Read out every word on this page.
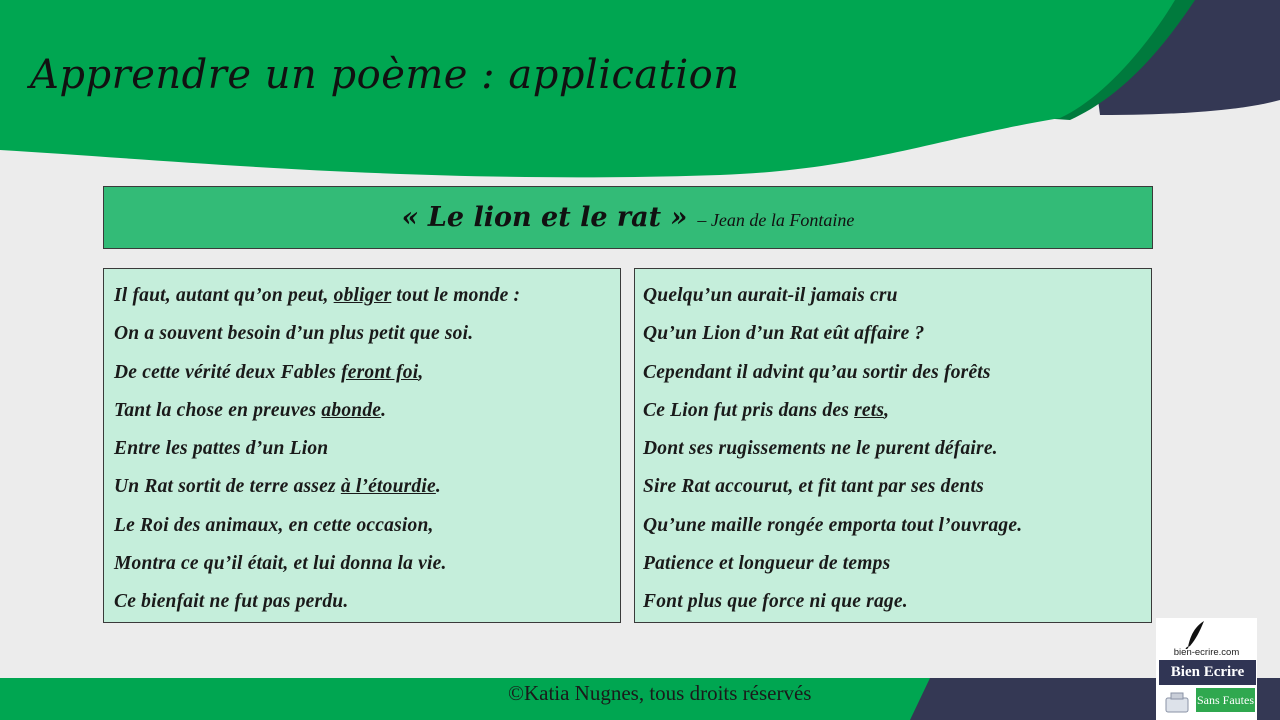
Apprendre un poème : application
« Le lion et le rat » – Jean de la Fontaine
Il faut, autant qu’on peut, obliger tout le monde :
On a souvent besoin d’un plus petit que soi.
De cette vérité deux Fables feront foi,
Tant la chose en preuves abonde.
Entre les pattes d’un Lion
Un Rat sortit de terre assez à l’étourdie.
Le Roi des animaux, en cette occasion,
Montra ce qu’il était, et lui donna la vie.
Ce bienfait ne fut pas perdu.
Quelqu’un aurait-il jamais cru
Qu’un Lion d’un Rat eût affaire ?
Cependant il advint qu’au sortir des forêts
Ce Lion fut pris dans des rets,
Dont ses rugissements ne le purent défaire.
Sire Rat accourut, et fit tant par ses dents
Qu’une maille rongée emporta tout l’ouvrage.
Patience et longueur de temps
Font plus que force ni que rage.
©Katia Nugnes, tous droits réservés
bien-ecrire.com
Bien Ecrire
Sans Fautes
